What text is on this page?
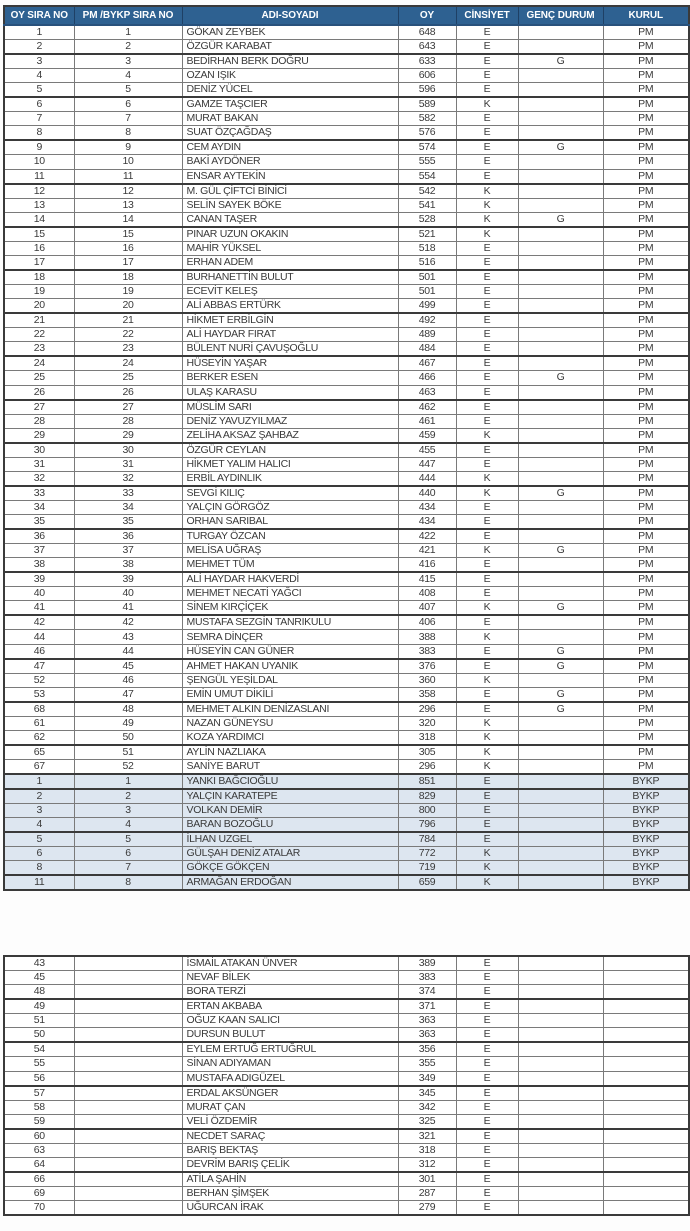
OY SIRA NO	PM /BYKP SIRA NO	ADI-SOYADI	OY	CİNSİYET	GENÇ DURUM	KURUL
1	1	GÖKAN ZEYBEK	648	E		PM
2	2	ÖZGÜR KARABAT	643	E		PM
3	3	BEDİRHAN BERK DOĞRU	633	E	G	PM
4	4	OZAN IŞIK	606	E		PM
5	5	DENİZ YÜCEL	596	E		PM
6	6	GAMZE TAŞCIER	589	K		PM
7	7	MURAT BAKAN	582	E		PM
8	8	SUAT ÖZÇAĞDAŞ	576	E		PM
9	9	CEM AYDIN	574	E	G	PM
10	10	BAKİ AYDÖNER	555	E		PM
11	11	ENSAR AYTEKİN	554	E		PM
12	12	M. GÜL ÇİFTCİ BİNİCİ	542	K		PM
13	13	SELİN SAYEK BÖKE	541	K		PM
14	14	CANAN TAŞER	528	K	G	PM
15	15	PINAR UZUN OKAKIN	521	K		PM
16	16	MAHİR YÜKSEL	518	E		PM
17	17	ERHAN ADEM	516	E		PM
18	18	BURHANETTİN BULUT	501	E		PM
19	19	ECEVİT KELEŞ	501	E		PM
20	20	ALİ ABBAS ERTÜRK	499	E		PM
21	21	HİKMET ERBİLGİN	492	E		PM
22	22	ALİ HAYDAR FIRAT	489	E		PM
23	23	BÜLENT NURİ ÇAVUŞOĞLU	484	E		PM
24	24	HÜSEYİN YAŞAR	467	E		PM
25	25	BERKER ESEN	466	E	G	PM
26	26	ULAŞ KARASU	463	E		PM
27	27	MÜSLİM SARI	462	E		PM
28	28	DENİZ YAVUZYILMAZ	461	E		PM
29	29	ZELİHA AKSAZ ŞAHBAZ	459	K		PM
30	30	ÖZGÜR CEYLAN	455	E		PM
31	31	HİKMET YALIM HALICI	447	E		PM
32	32	ERBİL AYDINLIK	444	K		PM
33	33	SEVGİ KILIÇ	440	K	G	PM
34	34	YALÇIN GÖRGÖZ	434	E		PM
35	35	ORHAN SARIBAL	434	E		PM
36	36	TURGAY ÖZCAN	422	E		PM
37	37	MELİSA UĞRAŞ	421	K	G	PM
38	38	MEHMET TÜM	416	E		PM
39	39	ALİ HAYDAR HAKVERDİ	415	E		PM
40	40	MEHMET NECATİ YAĞCI	408	E		PM
41	41	SİNEM KIRÇİÇEK	407	K	G	PM
42	42	MUSTAFA SEZGİN TANRIKULU	406	E		PM
44	43	SEMRA DİNÇER	388	K		PM
46	44	HÜSEYİN CAN GÜNER	383	E	G	PM
47	45	AHMET HAKAN UYANIK	376	E	G	PM
52	46	ŞENGÜL YEŞİLDAL	360	K		PM
53	47	EMİN UMUT DİKİLİ	358	E	G	PM
68	48	MEHMET ALKIN DENİZASLANI	296	E	G	PM
61	49	NAZAN GÜNEYSU	320	K		PM
62	50	KOZA YARDIMCI	318	K		PM
65	51	AYLİN NAZLIAKA	305	K		PM
67	52	SANİYE BARUT	296	K		PM
1	1	YANKI BAĞCIOĞLU	851	E		BYKP
2	2	YALÇIN KARATEPE	829	E		BYKP
3	3	VOLKAN DEMİR	800	E		BYKP
4	4	BARAN BOZOĞLU	796	E		BYKP
5	5	İLHAN UZGEL	784	E		BYKP
6	6	GÜLŞAH DENİZ ATALAR	772	K		BYKP
8	7	GÖKÇE GÖKÇEN	719	K		BYKP
11	8	ARMAĞAN ERDOĞAN	659	K		BYKP
43		İSMAİL ATAKAN ÜNVER	389	E		
45		NEVAF BİLEK	383	E		
48		BORA TERZİ	374	E		
49		ERTAN AKBABA	371	E		
51		OĞUZ KAAN SALICI	363	E		
50		DURSUN BULUT	363	E		
54		EYLEM ERTUĞ ERTUĞRUL	356	E		
55		SİNAN ADIYAMAN	355	E		
56		MUSTAFA ADIGÜZEL	349	E		
57		ERDAL AKSÜNGER	345	E		
58		MURAT ÇAN	342	E		
59		VELİ ÖZDEMİR	325	E		
60		NECDET SARAÇ	321	E		
63		BARIŞ BEKTAŞ	318	E		
64		DEVRİM BARIŞ ÇELİK	312	E		
66		ATİLA ŞAHİN	301	E		
69		BERHAN ŞİMŞEK	287	E		
70		UĞURCAN İRAK	279	E		
